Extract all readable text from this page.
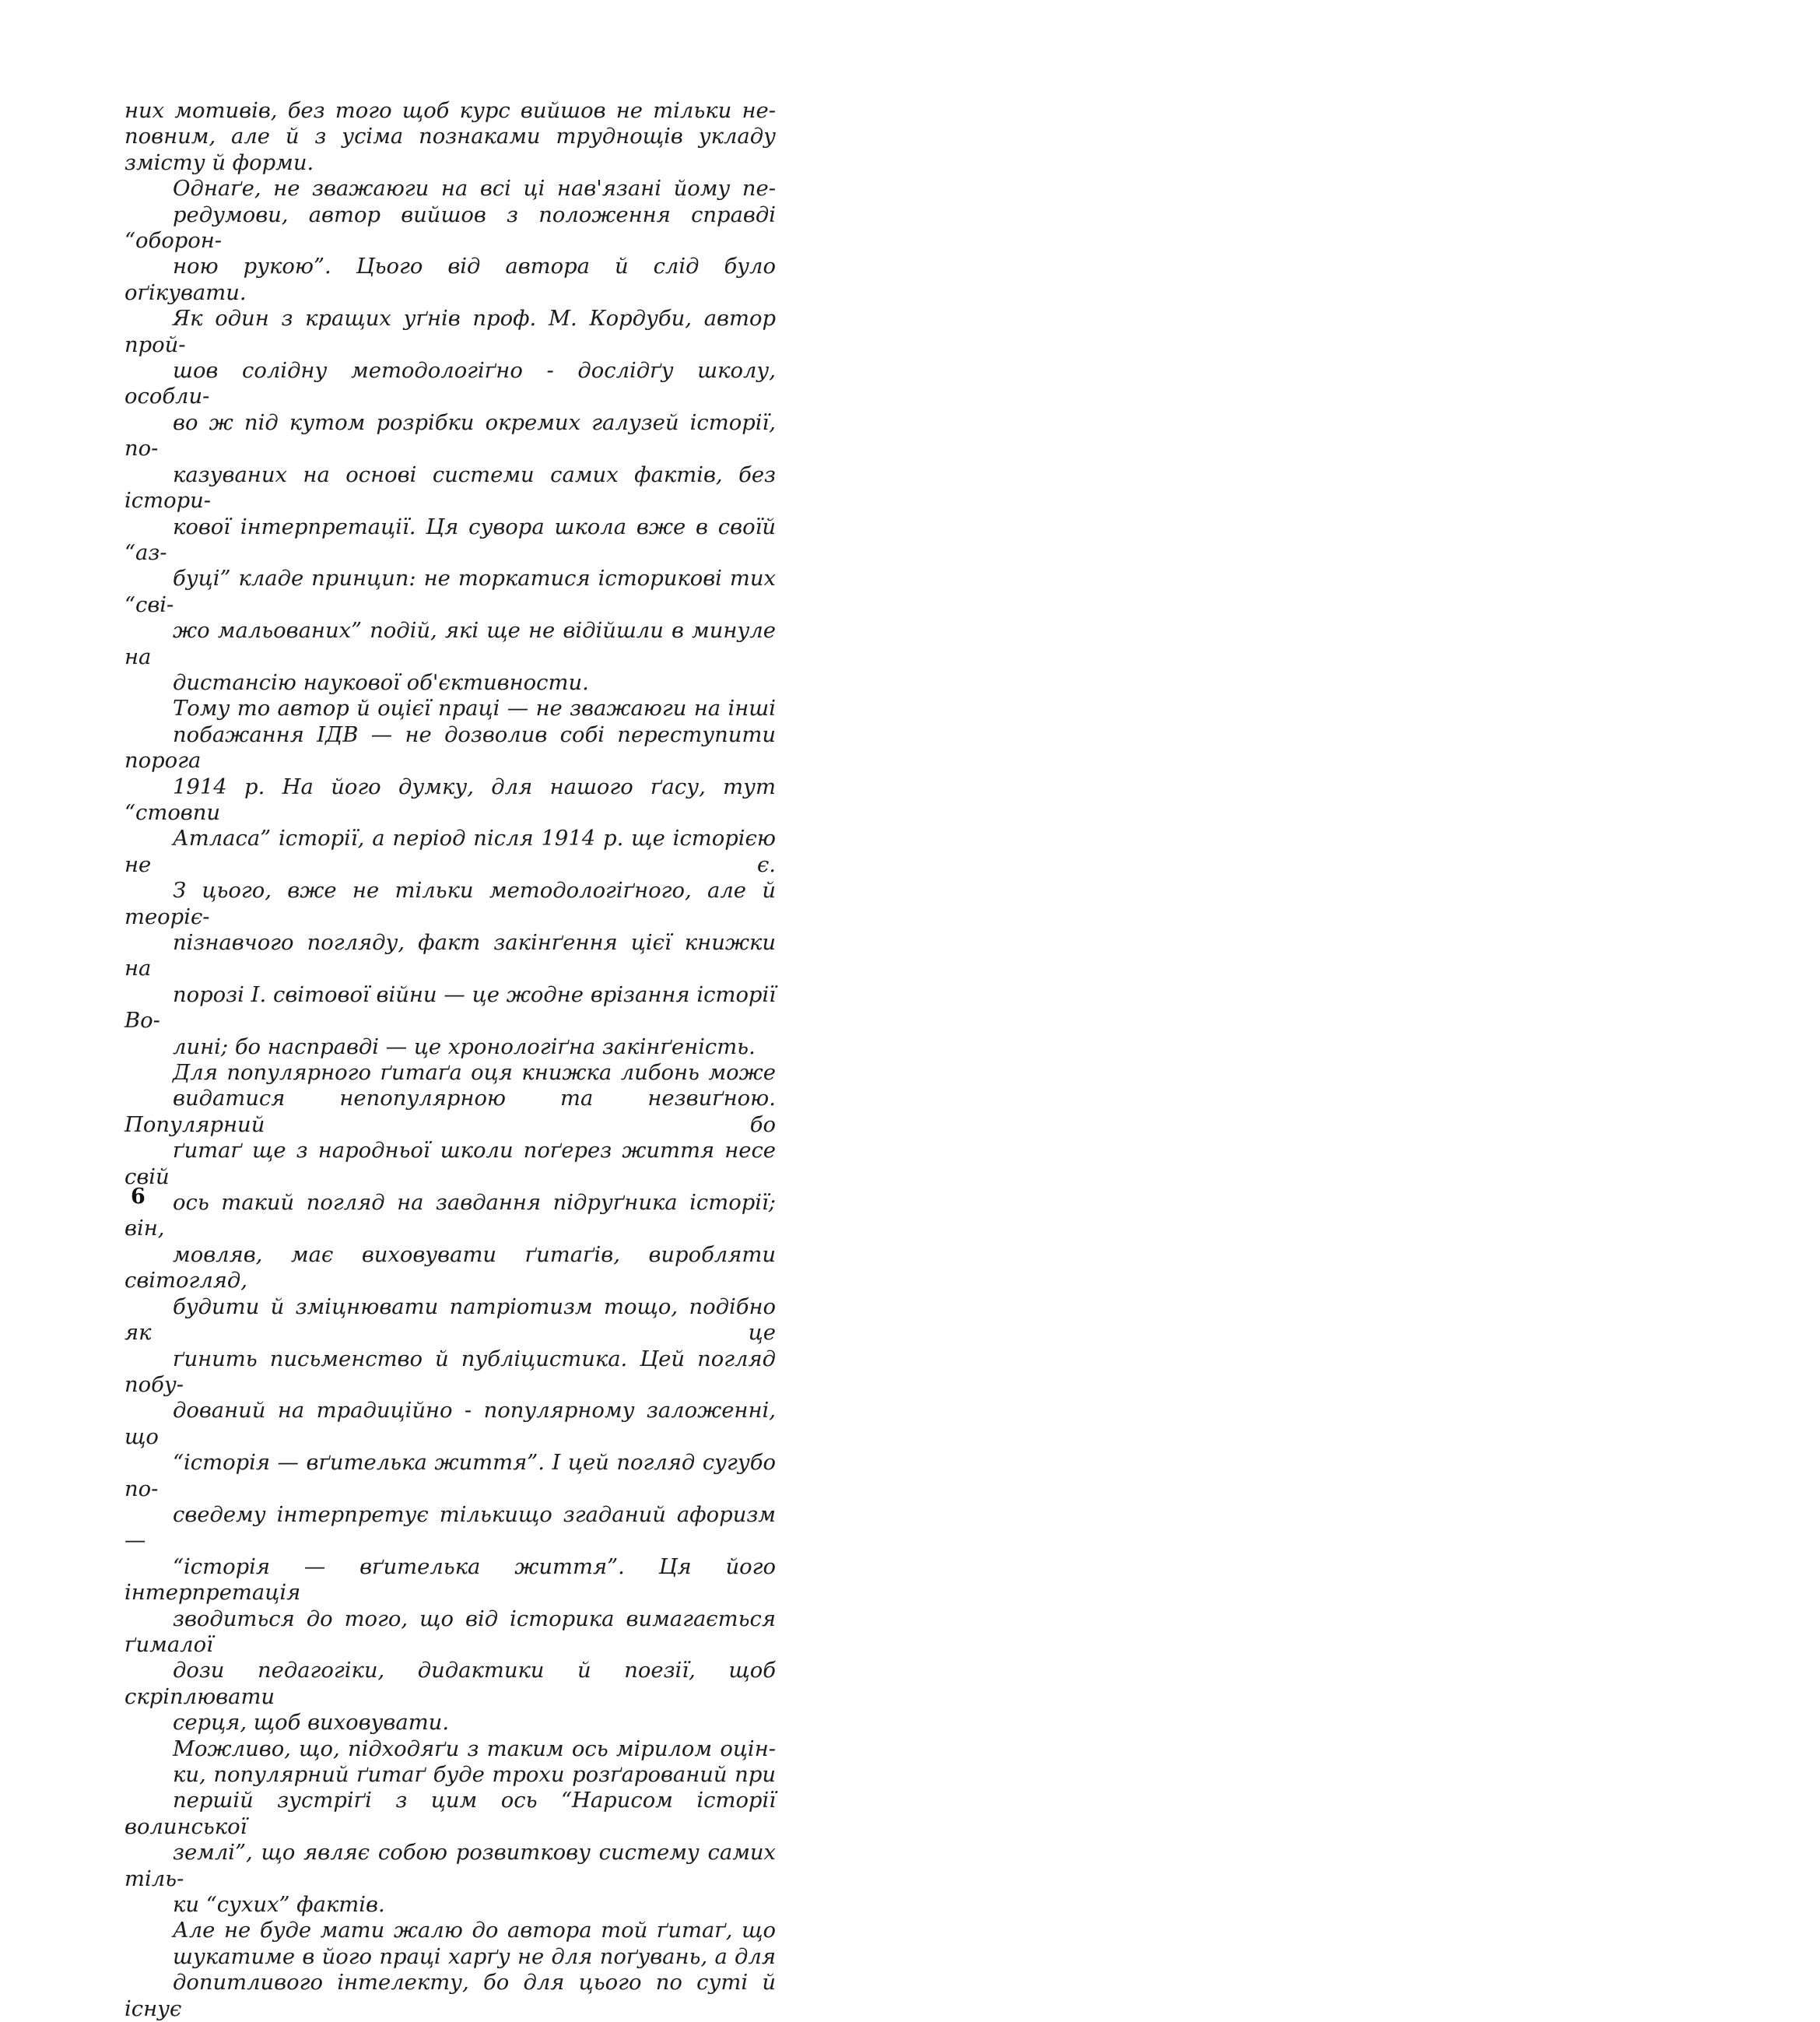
них мотивів, без того щоб курс вийшов не тільки не-
повним, але й з усіма познаками труднощів укладу
змісту й форми.

Однаґе, не зважаюги на всі ці нав'язані йому пе-
редумови, автор вийшов з положення справді “оборон-
ною рукою”. Цього від автора й слід було оґікувати.
Як один з кращих уґнів проф. М. Кордуби, автор прой-
шов солідну методологіґно - дослідґу школу, особли-
во ж під кутом розрібки окремих галузей історії, по-
казуваних на основі системи самих фактів, без істори-
кової інтерпретації. Ця сувора школа вже в своїй “аз-
буці” кладе принцип: не торкатися історикові тих “сві-
жо мальованих” подій, які ще не відійшли в минуле на
дистансію наукової об'єктивности.

Тому то автор й оцієї праці — не зважаюги на інші
побажання ІДВ — не дозволив собі переступити порога
1914 р. На його думку, для нашого ґасу, тут “стовпи
Атласа” історії, а період після 1914 р. ще історією не є.
З цього, вже не тільки методологіґного, але й теоріє-
пізнавчого погляду, факт закінґення цієї книжки на
порозі І. світової війни — це жодне врізання історії Во-
лині; бо насправді — це хронологіґна закінґеність.

Для популярного ґитаґа оця книжка либонь може
видатися непопулярною та незвиґною. Популярний бо
ґитаґ ще з народньої школи поґерез життя несе свій
ось такий погляд на завдання підруґника історії; він,
мовляв, має виховувати ґитаґів, виробляти світогляд,
будити й зміцнювати патріотизм тощо, подібно як це
ґинить письменство й публіцистика. Цей погляд побу-
дований на традиційно - популярному заложенні, що
“історія — вґителька життя”. І цей погляд сугубо по-
сведему інтерпретує тількищо згаданий афоризм —
“історія — вґителька життя”. Ця його інтерпретація
зводиться до того, що від історика вимагається ґималої
дози педагогіки, дидактики й поезії, щоб скріплювати
серця, щоб виховувати.

Можливо, що, підходяґи з таким ось мірилом оцін-
ки, популярний ґитаґ буде трохи розґарований при
першій зустріґі з цим ось “Нарисом історії волинської
землі”, що являє собою розвиткову систему самих тіль-
ки “сухих” фактів.

Але не буде мати жалю до автора той ґитаґ, що
шукатиме в його праці харґу не для поґувань, а для
допитливого інтелекту, бо для цього по суті й існує

6
